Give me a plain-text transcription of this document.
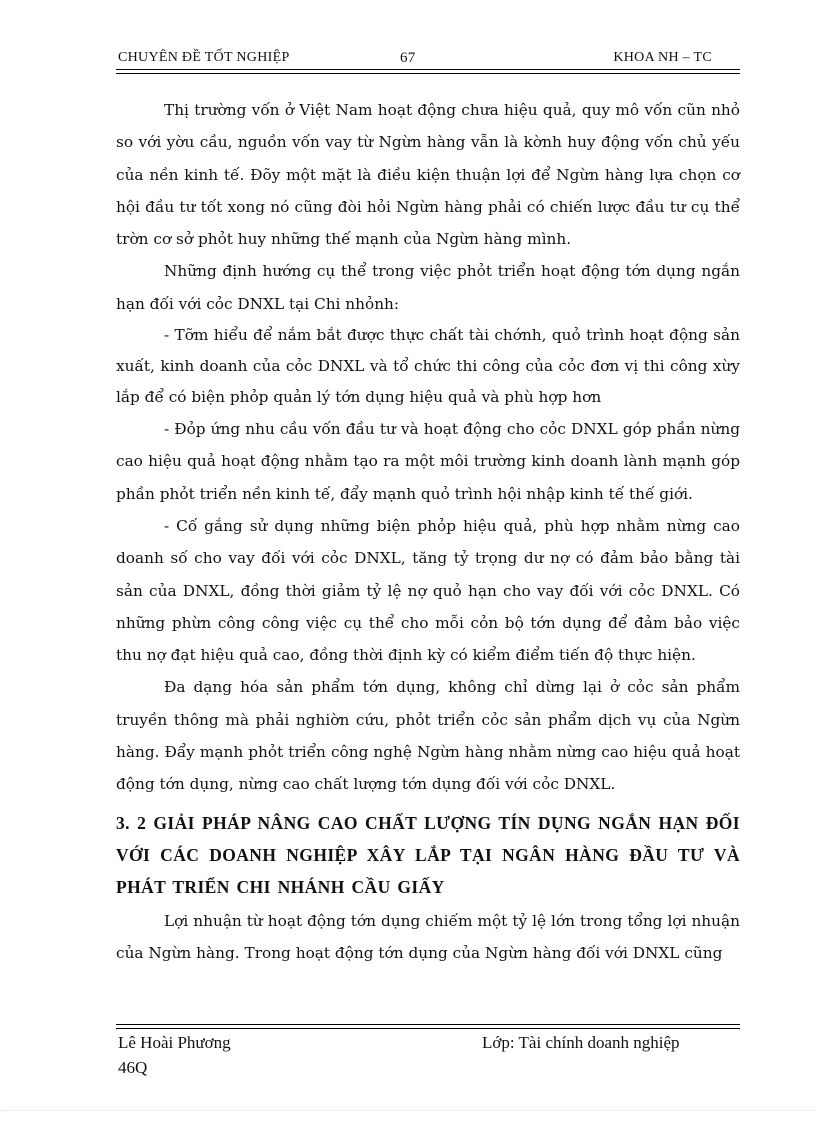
CHUYÊN ĐỀ TỐT NGHIỆP	67	KHOA NH – TC

Thị trường vốn ở Việt Nam hoạt động chưa hiệu quả, quy mô vốn cũn nhỏ so với yờu cầu, nguồn vốn vay từ Ngừn hàng vẫn là kờnh huy động vốn chủ yếu của nền kinh tế. Đõy một mặt là điều kiện thuận lợi để Ngừn hàng lựa chọn cơ hội đầu tư tốt xong nó cũng đòi hỏi Ngừn hàng phải có chiến lược đầu tư cụ thể trờn cơ sở phỏt huy những thế mạnh của Ngừn hàng mình.

Những định hướng cụ thể trong việc phỏt triển hoạt động tớn dụng ngắn hạn đối với cỏc DNXL tại Chi nhỏnh:

- Tỡm hiểu để nắm bắt được thực chất tài chớnh, quỏ trình hoạt động sản xuất, kinh doanh của cỏc DNXL và tổ chức thi công của cỏc đơn vị thi công xừy lắp để có biện phỏp quản lý tớn dụng hiệu quả và phù hợp hơn

- Đỏp ứng nhu cầu vốn đầu tư và hoạt động cho cỏc DNXL góp phần nừng cao hiệu quả hoạt động nhằm tạo ra một môi trường kinh doanh lành mạnh góp phần phỏt triển nền kinh tế, đẩy mạnh quỏ trình hội nhập kinh tế thế giới.

- Cố gắng sử dụng những biện phỏp hiệu quả, phù hợp nhằm nừng cao doanh số cho vay đối với cỏc DNXL, tăng tỷ trọng dư nợ có đảm bảo bằng tài sản của DNXL, đồng thời giảm tỷ lệ nợ quỏ hạn cho vay đối với cỏc DNXL. Có những phừn công công việc cụ thể cho mỗi cỏn bộ tớn dụng để đảm bảo việc thu nợ đạt hiệu quả cao, đồng thời định kỳ có kiểm điểm tiến độ thực hiện.

Đa dạng hóa sản phẩm tớn dụng, không chỉ dừng lại ở cỏc sản phẩm truyền thông mà phải nghiờn cứu, phỏt triển cỏc sản phẩm dịch vụ của Ngừn hàng. Đẩy mạnh phỏt triển công nghệ Ngừn hàng nhằm nừng cao hiệu quả hoạt động tớn dụng, nừng cao chất lượng tớn dụng đối với cỏc DNXL.

3. 2 GIẢI PHÁP NÂNG CAO CHẤT LƯỢNG TÍN DỤNG NGẮN HẠN ĐỐI VỚI CÁC DOANH NGHIỆP XÂY LẮP TẠI NGÂN HÀNG ĐẦU TƯ VÀ PHÁT TRIỂN CHI NHÁNH CẦU GIẤY

Lợi nhuận từ hoạt động tớn dụng chiếm một tỷ lệ lớn trong tổng lợi nhuận của Ngừn hàng. Trong hoạt động tớn dụng của Ngừn hàng đối với DNXL cũng

Lê Hoài Phương
46Q
Lớp: Tài chính doanh nghiệp
